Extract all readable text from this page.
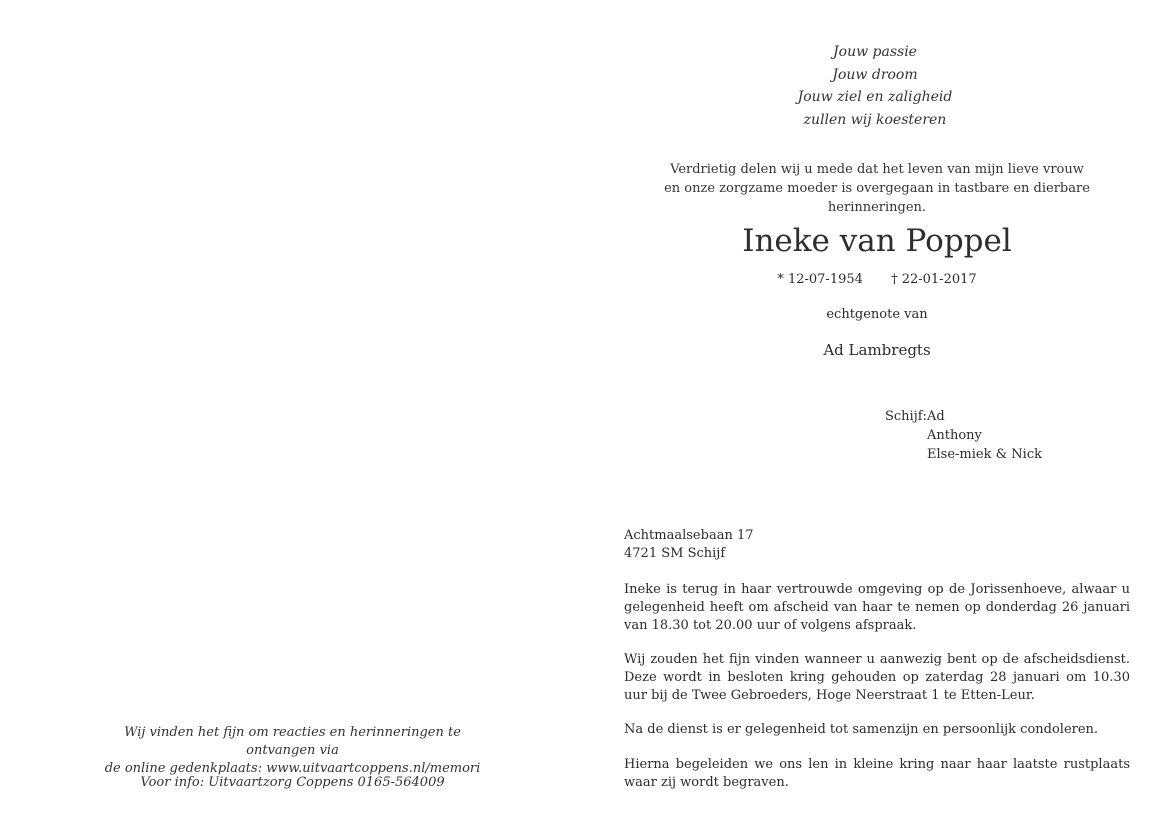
Wij vinden het fijn om reacties en herinneringen te ontvangen via
de online gedenkplaats: www.uitvaartcoppens.nl/memori
Voor info: Uitvaartzorg Coppens 0165-564009
Jouw passie
Jouw droom
Jouw ziel en zaligheid
zullen wij koesteren
Verdrietig delen wij u mede dat het leven van mijn lieve vrouw
en onze zorgzame moeder is overgegaan in tastbare en dierbare herinneringen.
Ineke van Poppel
* 12-07-1954 † 22-01-2017
echtgenote van
Ad Lambregts
Schijf: Ad
Anthony
Else-miek & Nick
Achtmaalsebaan 17
4721 SM Schijf
Ineke is terug in haar vertrouwde omgeving op de Jorissenhoeve, alwaar u gelegenheid heeft om afscheid van haar te nemen op donderdag 26 januari van 18.30 tot 20.00 uur of volgens afspraak.
Wij zouden het fijn vinden wanneer u aanwezig bent op de afscheidsdienst. Deze wordt in besloten kring gehouden op zaterdag 28 januari om 10.30 uur bij de Twee Gebroeders, Hoge Neerstraat 1 te Etten-Leur.
Na de dienst is er gelegenheid tot samenzijn en persoonlijk condoleren.
Hierna begeleiden we ons len in kleine kring naar haar laatste rustplaats waar zij wordt begraven.
